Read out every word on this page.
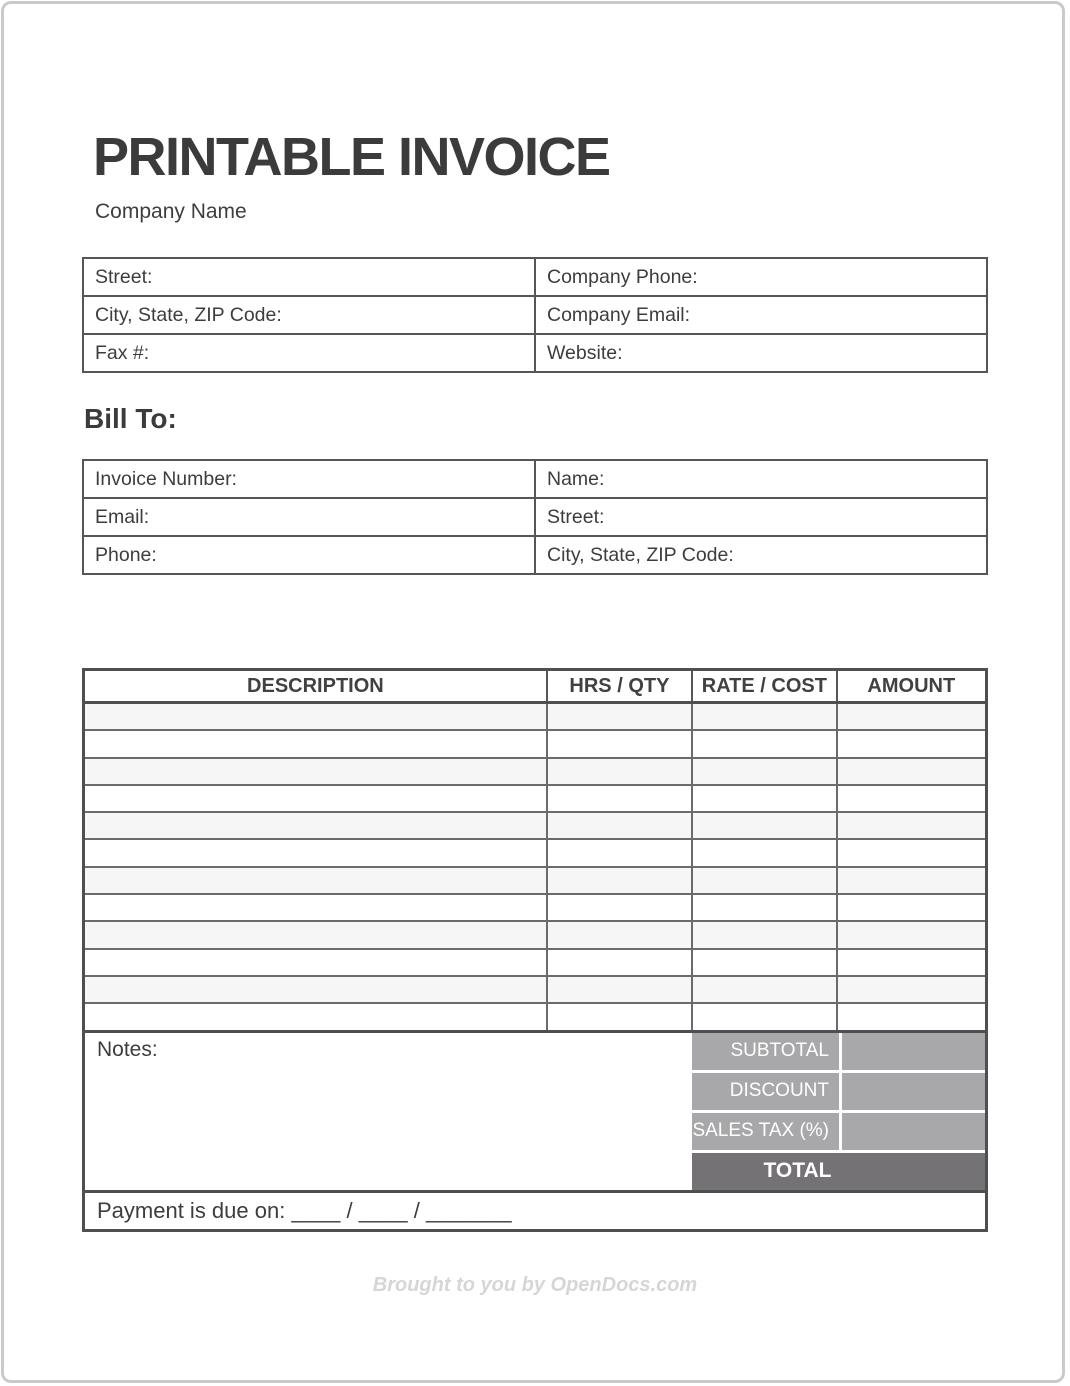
PRINTABLE INVOICE
Company Name
Street:	Company Phone:
City, State, ZIP Code:	Company Email:
Fax #:	Website:
Bill To:
Invoice Number:	Name:
Email:	Street:
Phone:	City, State, ZIP Code:
DESCRIPTION	HRS / QTY	RATE / COST	AMOUNT

Notes:	SUBTOTAL
DISCOUNT
SALES TAX (%)
TOTAL
Payment is due on: ____ / ____ / _______
Brought to you by OpenDocs.com
